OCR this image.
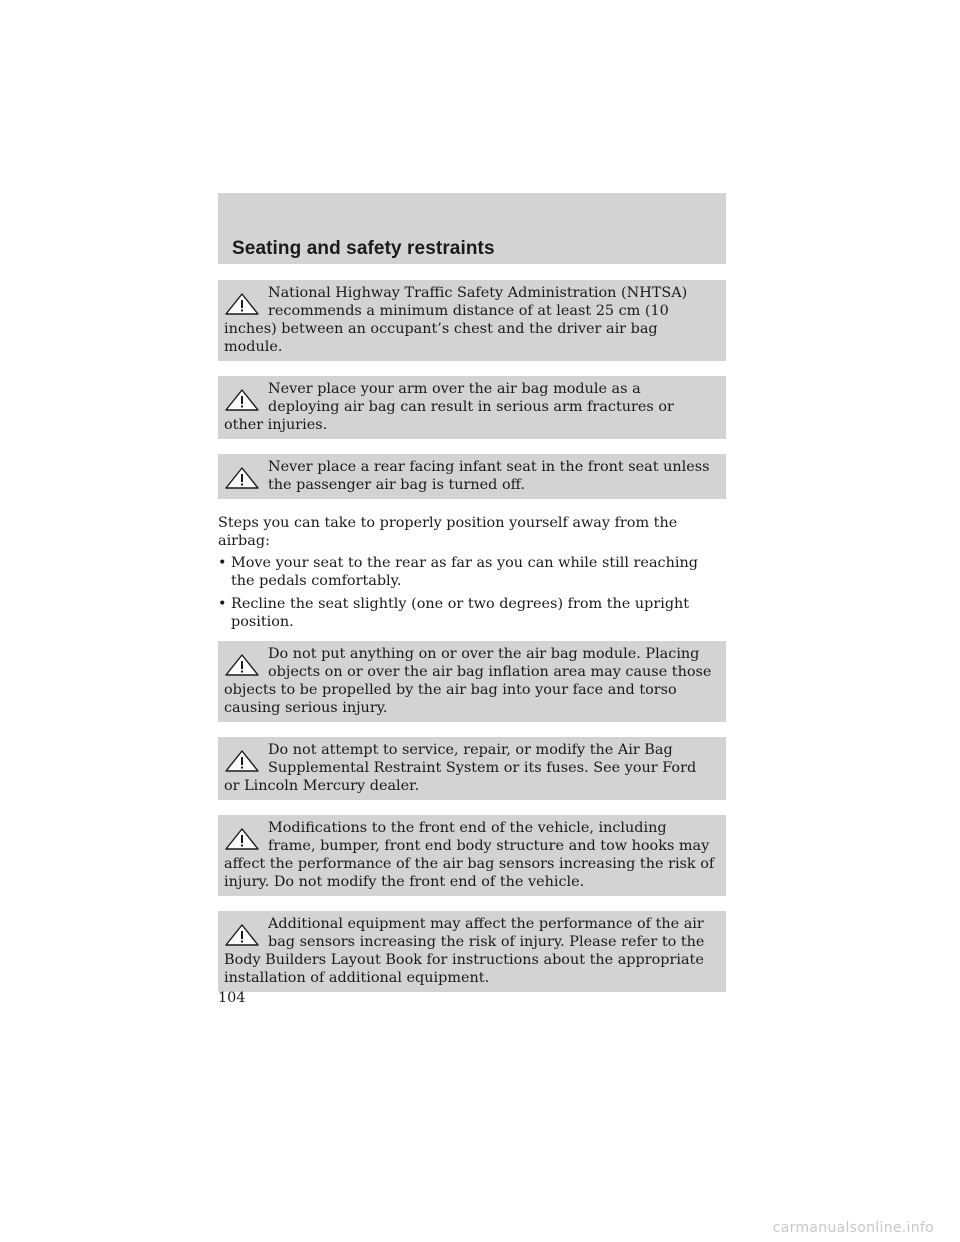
Seating and safety restraints
National Highway Traffic Safety Administration (NHTSA) recommends a minimum distance of at least 25 cm (10 inches) between an occupant’s chest and the driver air bag module.
Never place your arm over the air bag module as a deploying air bag can result in serious arm fractures or other injuries.
Never place a rear facing infant seat in the front seat unless the passenger air bag is turned off.

Steps you can take to properly position yourself away from the airbag:

• Move your seat to the rear as far as you can while still reaching the pedals comfortably.
• Recline the seat slightly (one or two degrees) from the upright position.
Do not put anything on or over the air bag module. Placing objects on or over the air bag inflation area may cause those objects to be propelled by the air bag into your face and torso causing serious injury.
Do not attempt to service, repair, or modify the Air Bag Supplemental Restraint System or its fuses. See your Ford or Lincoln Mercury dealer.
Modifications to the front end of the vehicle, including frame, bumper, front end body structure and tow hooks may affect the performance of the air bag sensors increasing the risk of injury. Do not modify the front end of the vehicle.
Additional equipment may affect the performance of the air bag sensors increasing the risk of injury. Please refer to the Body Builders Layout Book for instructions about the appropriate installation of additional equipment.
104
carmanualsonline.info
